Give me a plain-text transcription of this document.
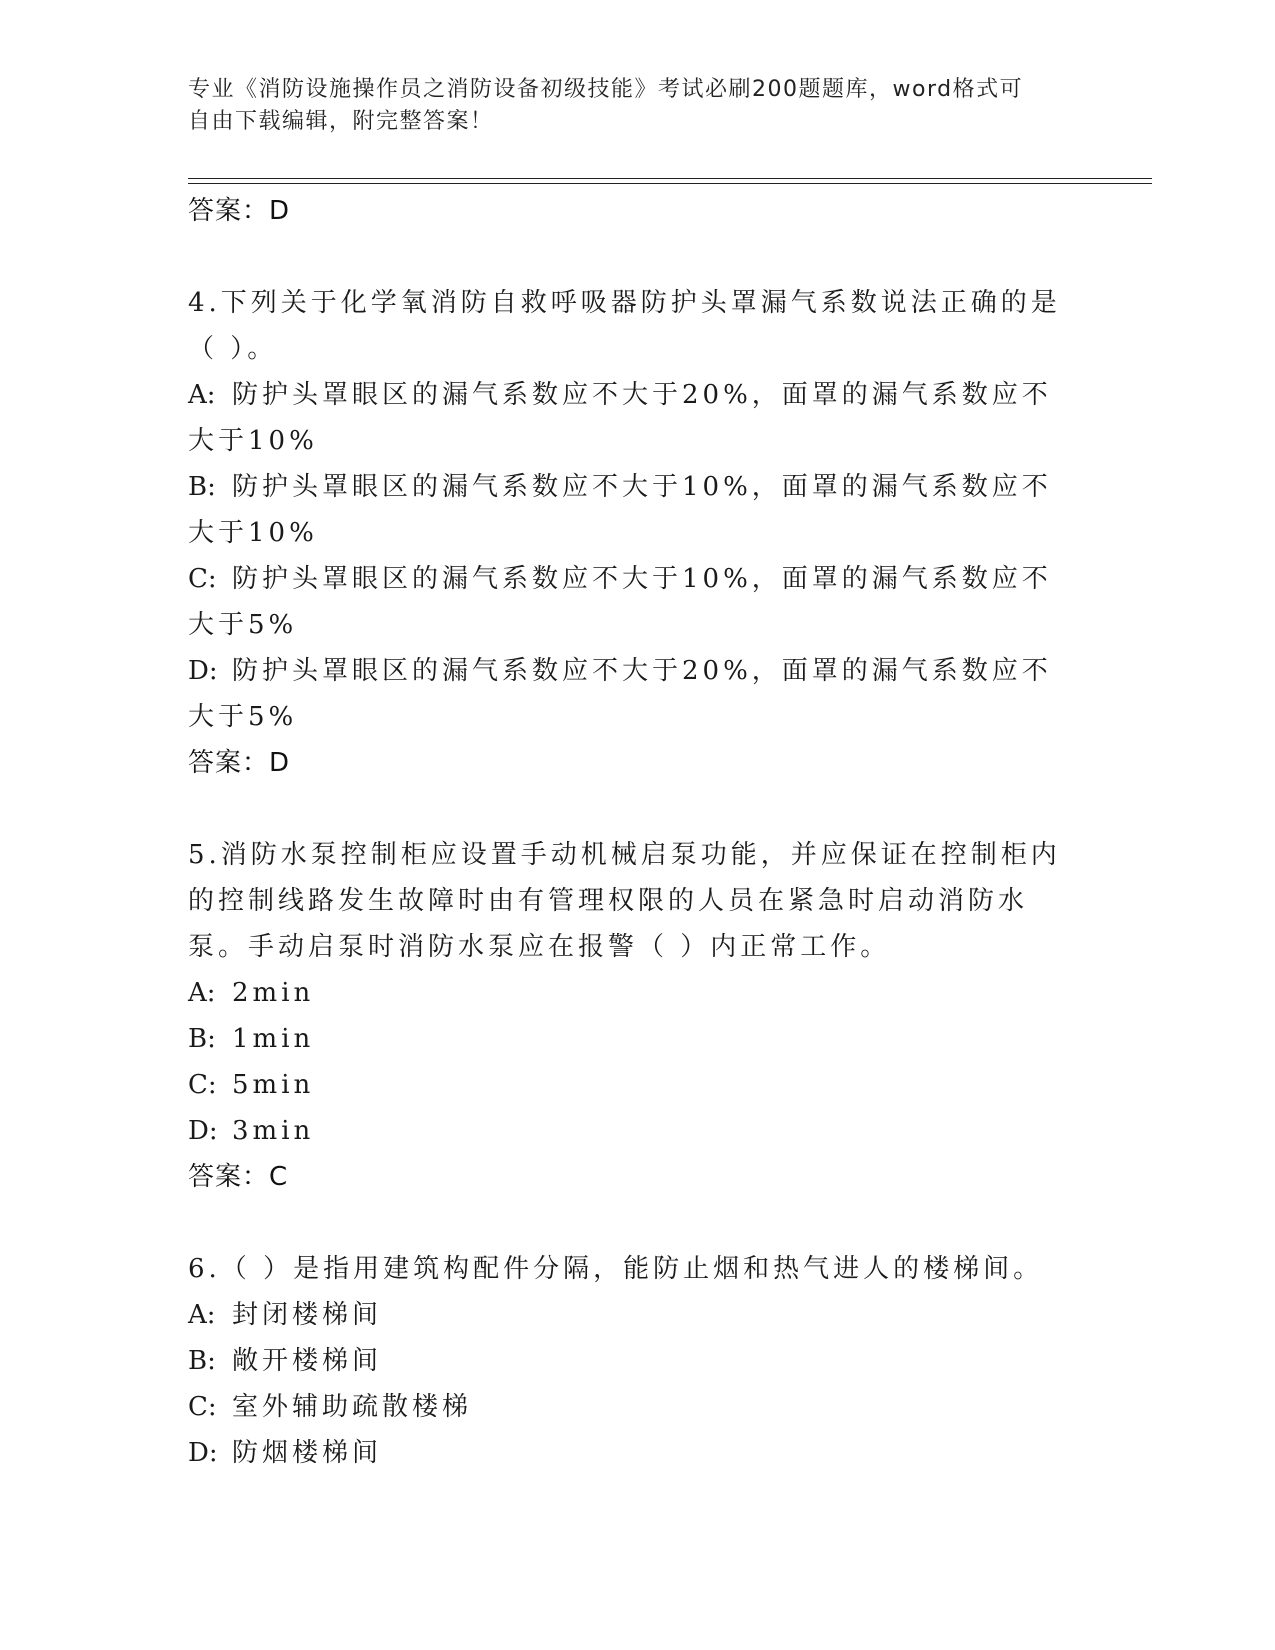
专业《消防设施操作员之消防设备初级技能》考试必刷200题题库，word格式可
自由下载编辑，附完整答案！
答案：D
4.下列关于化学氧消防自救呼吸器防护头罩漏气系数说法正确的是（ ）。
A: 防护头罩眼区的漏气系数应不大于20%，面罩的漏气系数应不大于10%
B: 防护头罩眼区的漏气系数应不大于10%，面罩的漏气系数应不大于10%
C: 防护头罩眼区的漏气系数应不大于10%，面罩的漏气系数应不大于5%
D: 防护头罩眼区的漏气系数应不大于20%，面罩的漏气系数应不大于5%
答案：D
5.消防水泵控制柜应设置手动机械启泵功能，并应保证在控制柜内的控制线路发生故障时由有管理权限的人员在紧急时启动消防水泵。手动启泵时消防水泵应在报警（ ）内正常工作。
A: 2min
B: 1min
C: 5min
D: 3min
答案：C
6.（ ）是指用建筑构配件分隔，能防止烟和热气进人的楼梯间。
A: 封闭楼梯间
B: 敞开楼梯间
C: 室外辅助疏散楼梯
D: 防烟楼梯间
